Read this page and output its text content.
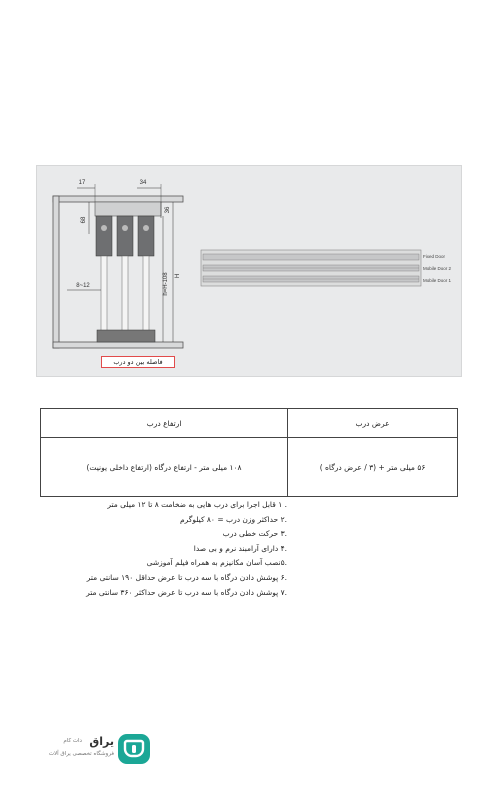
17	34
68
36
H
h=H-108
8~12
Fixed Door
Mobile Door 2
Mobile Door 1
فاصله بین دو درب
عرض درب	ارتفاع درب
۵۶ میلی متر + (۳ / عرض درگاه )	۱۰۸ میلی متر - ارتفاع درگاه (ارتفاع داخلی یونیت)
. ۱ قابل اجرا برای درب هایی به ضخامت ۸ تا ۱۲ میلی متر
.۲ حداکثر وزن درب = ۸۰ کیلوگرم
.۳ حرکت خطی درب
.۴ دارای آرامبند نرم و بی صدا
.۵نصب آسان مکانیزم به همراه فیلم آموزشی
.۶ پوشش دادن درگاه با سه درب تا عرض حداقل ۱۹۰ سانتی متر
.۷ پوشش دادن درگاه با سه درب تا عرض حداکثر ۳۶۰ سانتی متر
یراق
دات کام
فروشگاه تخصصی یراق آلات
